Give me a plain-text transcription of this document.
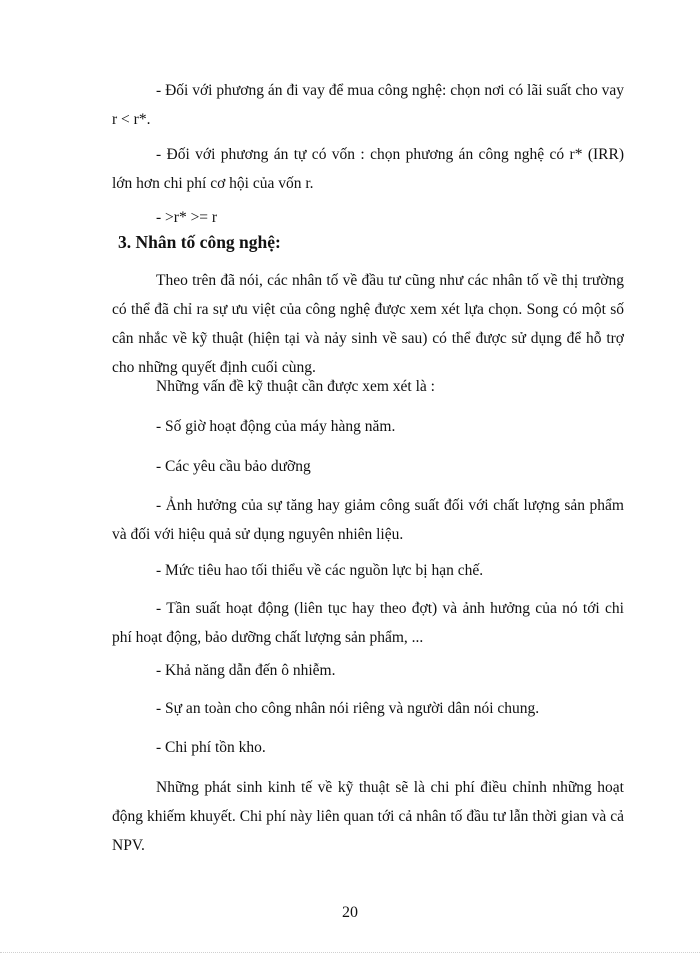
- Đối với phương án đi vay để mua công nghệ: chọn nơi có lãi suất cho vay r < r*.

- Đối với phương án tự có vốn : chọn phương án công nghệ có r* (IRR) lớn hơn chi phí cơ hội của vốn r.

- >r* >= r

3. Nhân tố công nghệ:

Theo trên đã nói, các nhân tố về đầu tư cũng như các nhân tố về thị trường có thể đã chỉ ra sự ưu việt của công nghệ được xem xét lựa chọn. Song có một số cân nhắc về kỹ thuật (hiện tại và nảy sinh về sau) có thể được sử dụng để hỗ trợ cho những quyết định cuối cùng.

Những vấn đề kỹ thuật cần được xem xét là :

- Số giờ hoạt động của máy hàng năm.

- Các yêu cầu bảo dưỡng

- Ảnh hưởng của sự tăng hay giảm công suất đối với chất lượng sản phẩm và đối với hiệu quả sử dụng nguyên nhiên liệu.

- Mức tiêu hao tối thiểu về các nguồn lực bị hạn chế.

- Tần suất hoạt động (liên tục hay theo đợt) và ảnh hưởng của nó tới chi phí hoạt động, bảo dưỡng chất lượng sản phẩm, ...

- Khả năng dẫn đến ô nhiễm.

- Sự an toàn cho công nhân nói riêng và người dân nói chung.

- Chi phí tồn kho.

Những phát sinh kinh tế về kỹ thuật sẽ là chi phí điều chỉnh những hoạt động khiếm khuyết. Chi phí này liên quan tới cả nhân tố đầu tư lẫn thời gian và cả NPV.

20
